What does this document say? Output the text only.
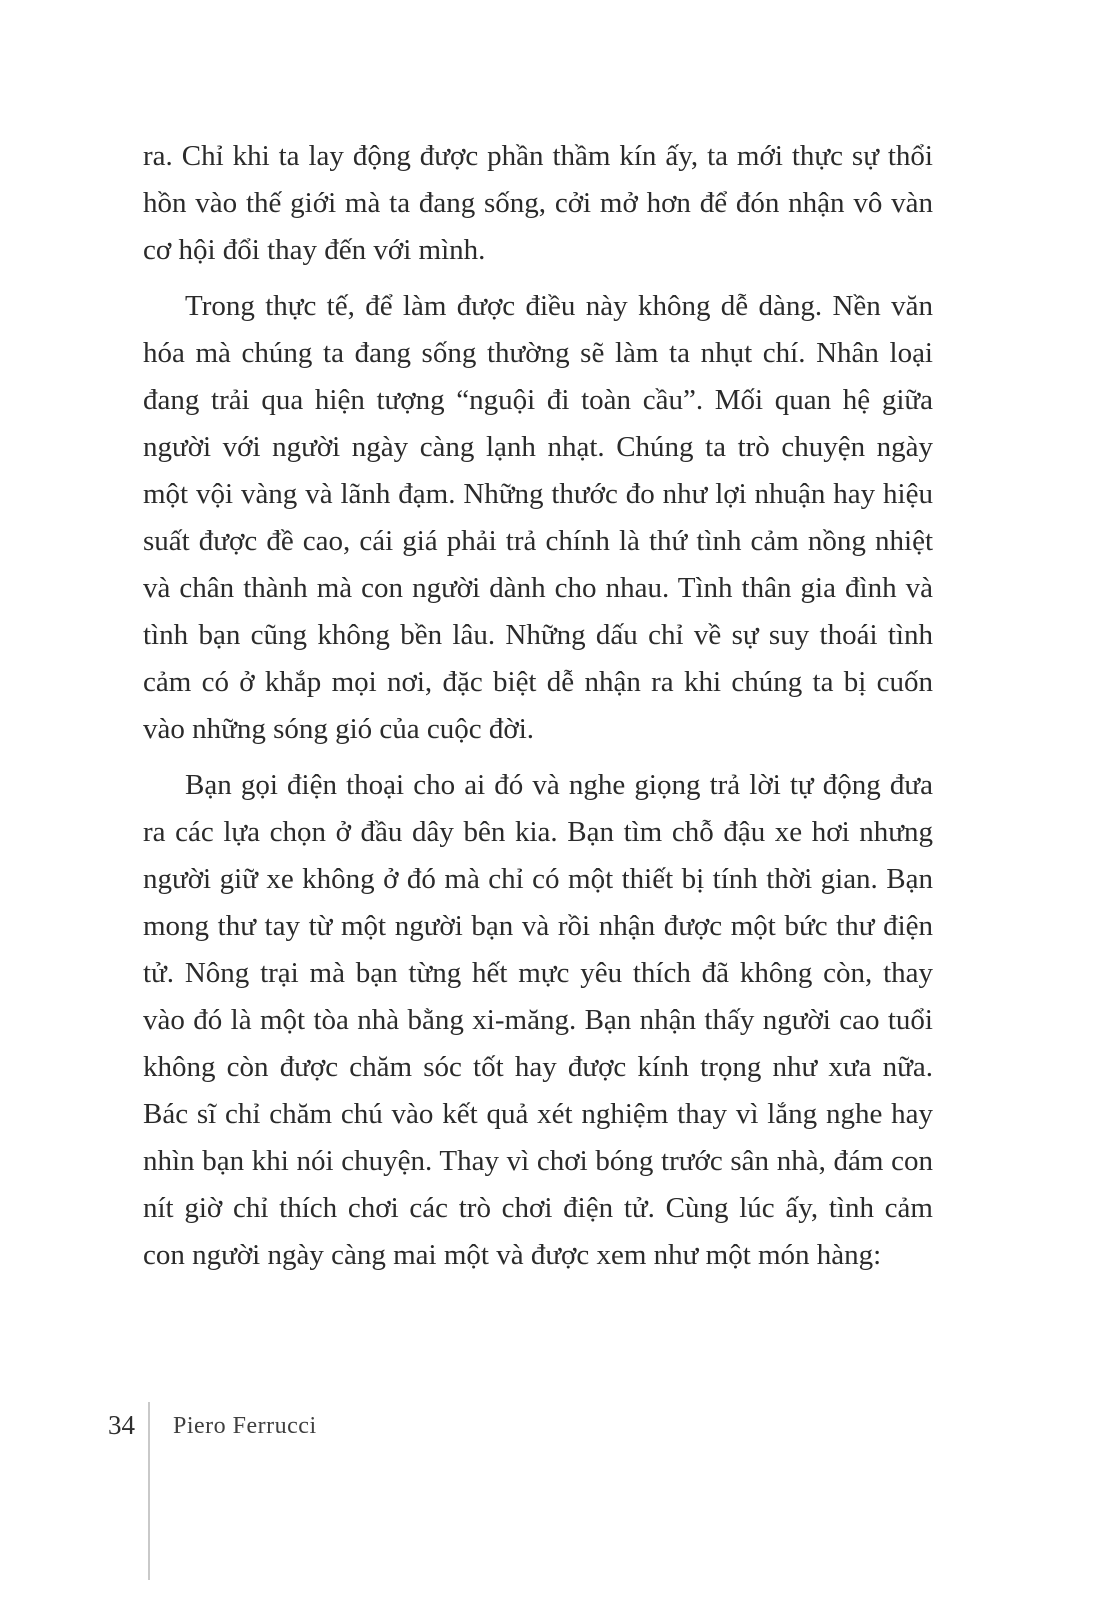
ra. Chỉ khi ta lay động được phần thầm kín ấy, ta mới thực sự thổi hồn vào thế giới mà ta đang sống, cởi mở hơn để đón nhận vô vàn cơ hội đổi thay đến với mình.

Trong thực tế, để làm được điều này không dễ dàng. Nền văn hóa mà chúng ta đang sống thường sẽ làm ta nhụt chí. Nhân loại đang trải qua hiện tượng “nguội đi toàn cầu”. Mối quan hệ giữa người với người ngày càng lạnh nhạt. Chúng ta trò chuyện ngày một vội vàng và lãnh đạm. Những thước đo như lợi nhuận hay hiệu suất được đề cao, cái giá phải trả chính là thứ tình cảm nồng nhiệt và chân thành mà con người dành cho nhau. Tình thân gia đình và tình bạn cũng không bền lâu. Những dấu chỉ về sự suy thoái tình cảm có ở khắp mọi nơi, đặc biệt dễ nhận ra khi chúng ta bị cuốn vào những sóng gió của cuộc đời.

Bạn gọi điện thoại cho ai đó và nghe giọng trả lời tự động đưa ra các lựa chọn ở đầu dây bên kia. Bạn tìm chỗ đậu xe hơi nhưng người giữ xe không ở đó mà chỉ có một thiết bị tính thời gian. Bạn mong thư tay từ một người bạn và rồi nhận được một bức thư điện tử. Nông trại mà bạn từng hết mực yêu thích đã không còn, thay vào đó là một tòa nhà bằng xi-măng. Bạn nhận thấy người cao tuổi không còn được chăm sóc tốt hay được kính trọng như xưa nữa. Bác sĩ chỉ chăm chú vào kết quả xét nghiệm thay vì lắng nghe hay nhìn bạn khi nói chuyện. Thay vì chơi bóng trước sân nhà, đám con nít giờ chỉ thích chơi các trò chơi điện tử. Cùng lúc ấy, tình cảm con người ngày càng mai một và được xem như một món hàng:

34 Piero Ferrucci
